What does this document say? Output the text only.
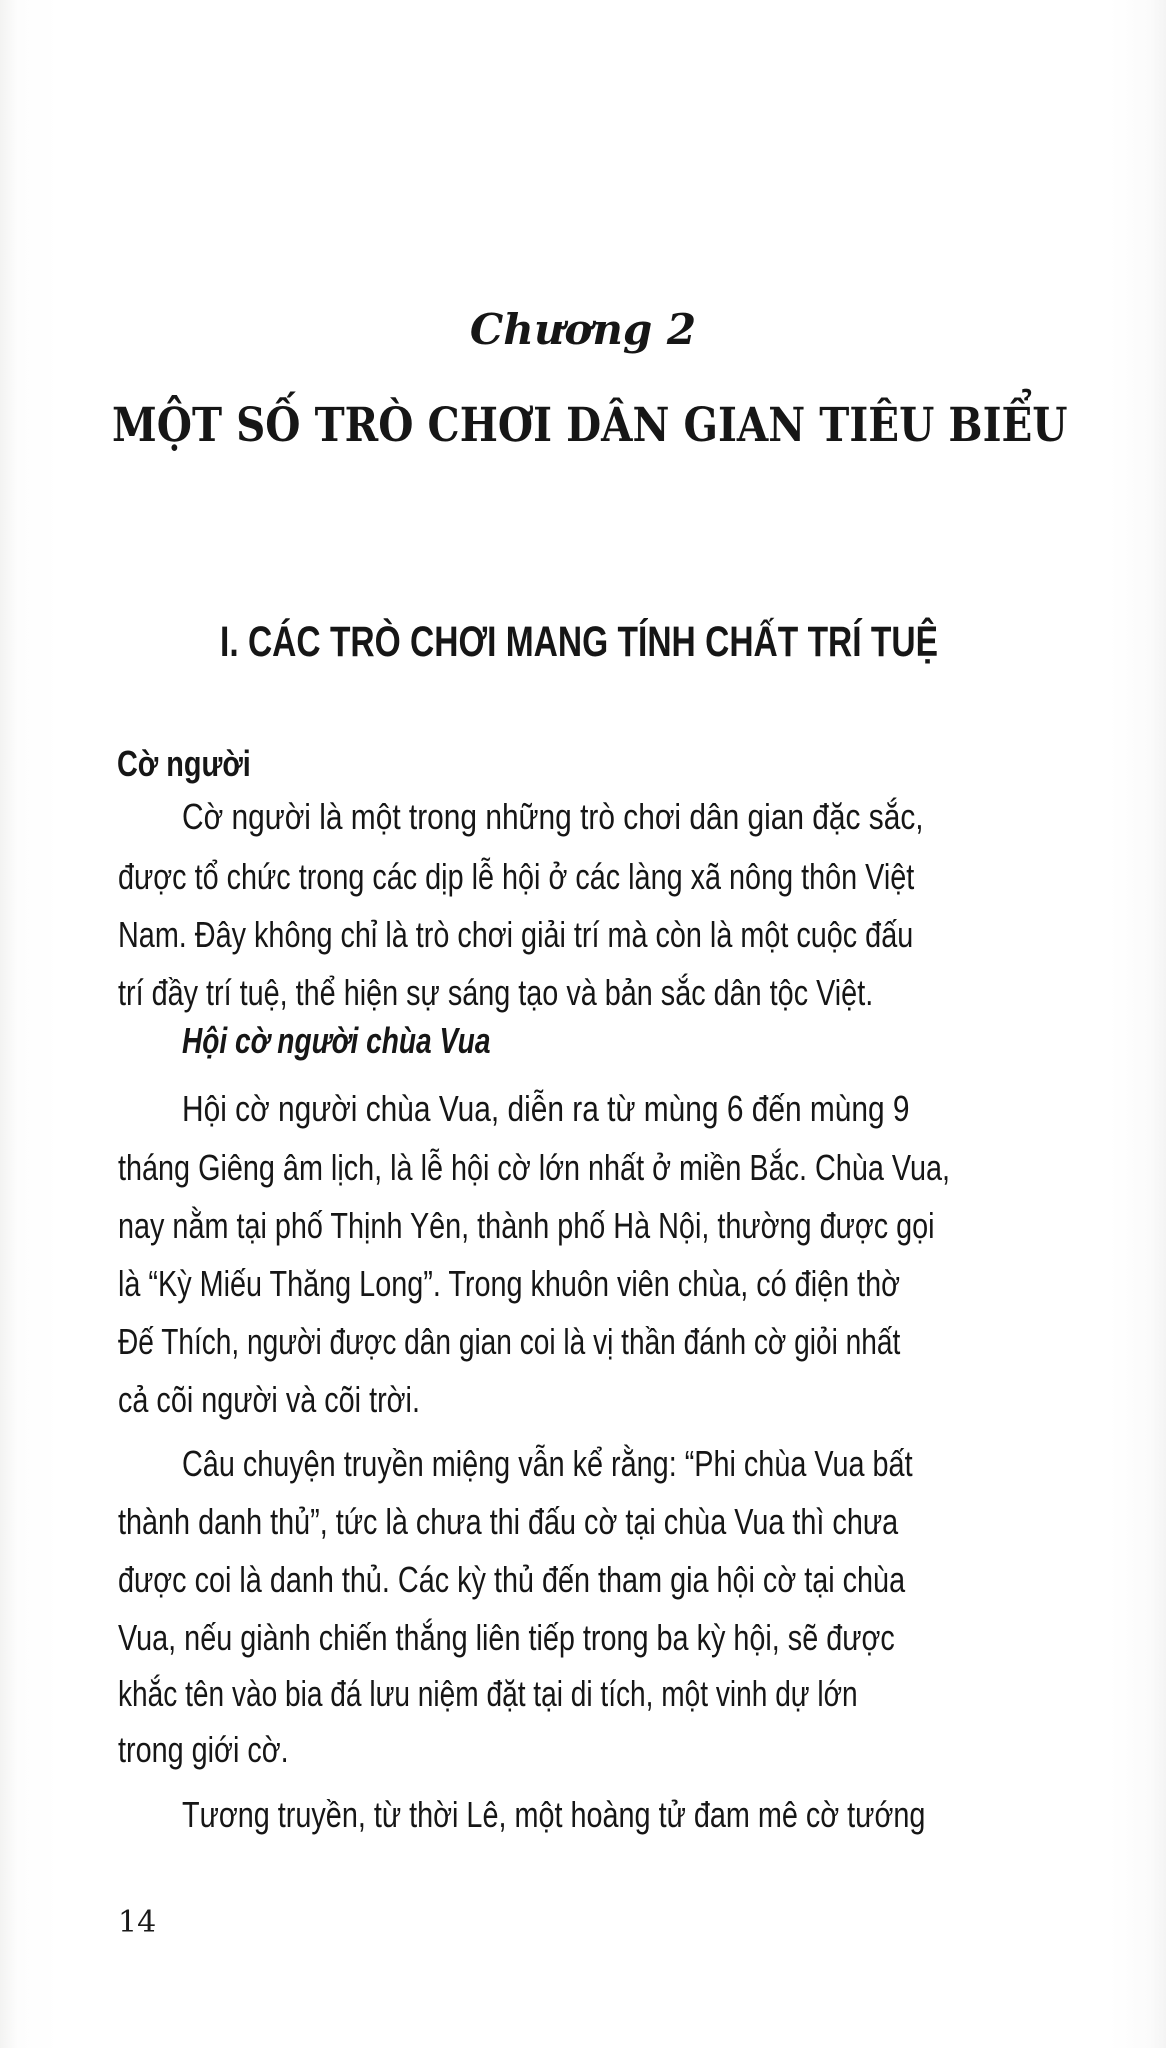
Chương 2
MỘT SỐ TRÒ CHƠI DÂN GIAN TIÊU BIỂU
I. CÁC TRÒ CHƠI MANG TÍNH CHẤT TRÍ TUỆ
Cờ người
Cờ người là một trong những trò chơi dân gian đặc sắc,
được tổ chức trong các dịp lễ hội ở các làng xã nông thôn Việt
Nam. Đây không chỉ là trò chơi giải trí mà còn là một cuộc đấu
trí đầy trí tuệ, thể hiện sự sáng tạo và bản sắc dân tộc Việt.
Hội cờ người chùa Vua
Hội cờ người chùa Vua, diễn ra từ mùng 6 đến mùng 9
tháng Giêng âm lịch, là lễ hội cờ lớn nhất ở miền Bắc. Chùa Vua,
nay nằm tại phố Thịnh Yên, thành phố Hà Nội, thường được gọi
là “Kỳ Miếu Thăng Long”. Trong khuôn viên chùa, có điện thờ
Đế Thích, người được dân gian coi là vị thần đánh cờ giỏi nhất
cả cõi người và cõi trời.
Câu chuyện truyền miệng vẫn kể rằng: “Phi chùa Vua bất
thành danh thủ”, tức là chưa thi đấu cờ tại chùa Vua thì chưa
được coi là danh thủ. Các kỳ thủ đến tham gia hội cờ tại chùa
Vua, nếu giành chiến thắng liên tiếp trong ba kỳ hội, sẽ được
khắc tên vào bia đá lưu niệm đặt tại di tích, một vinh dự lớn
trong giới cờ.
Tương truyền, từ thời Lê, một hoàng tử đam mê cờ tướng
14
